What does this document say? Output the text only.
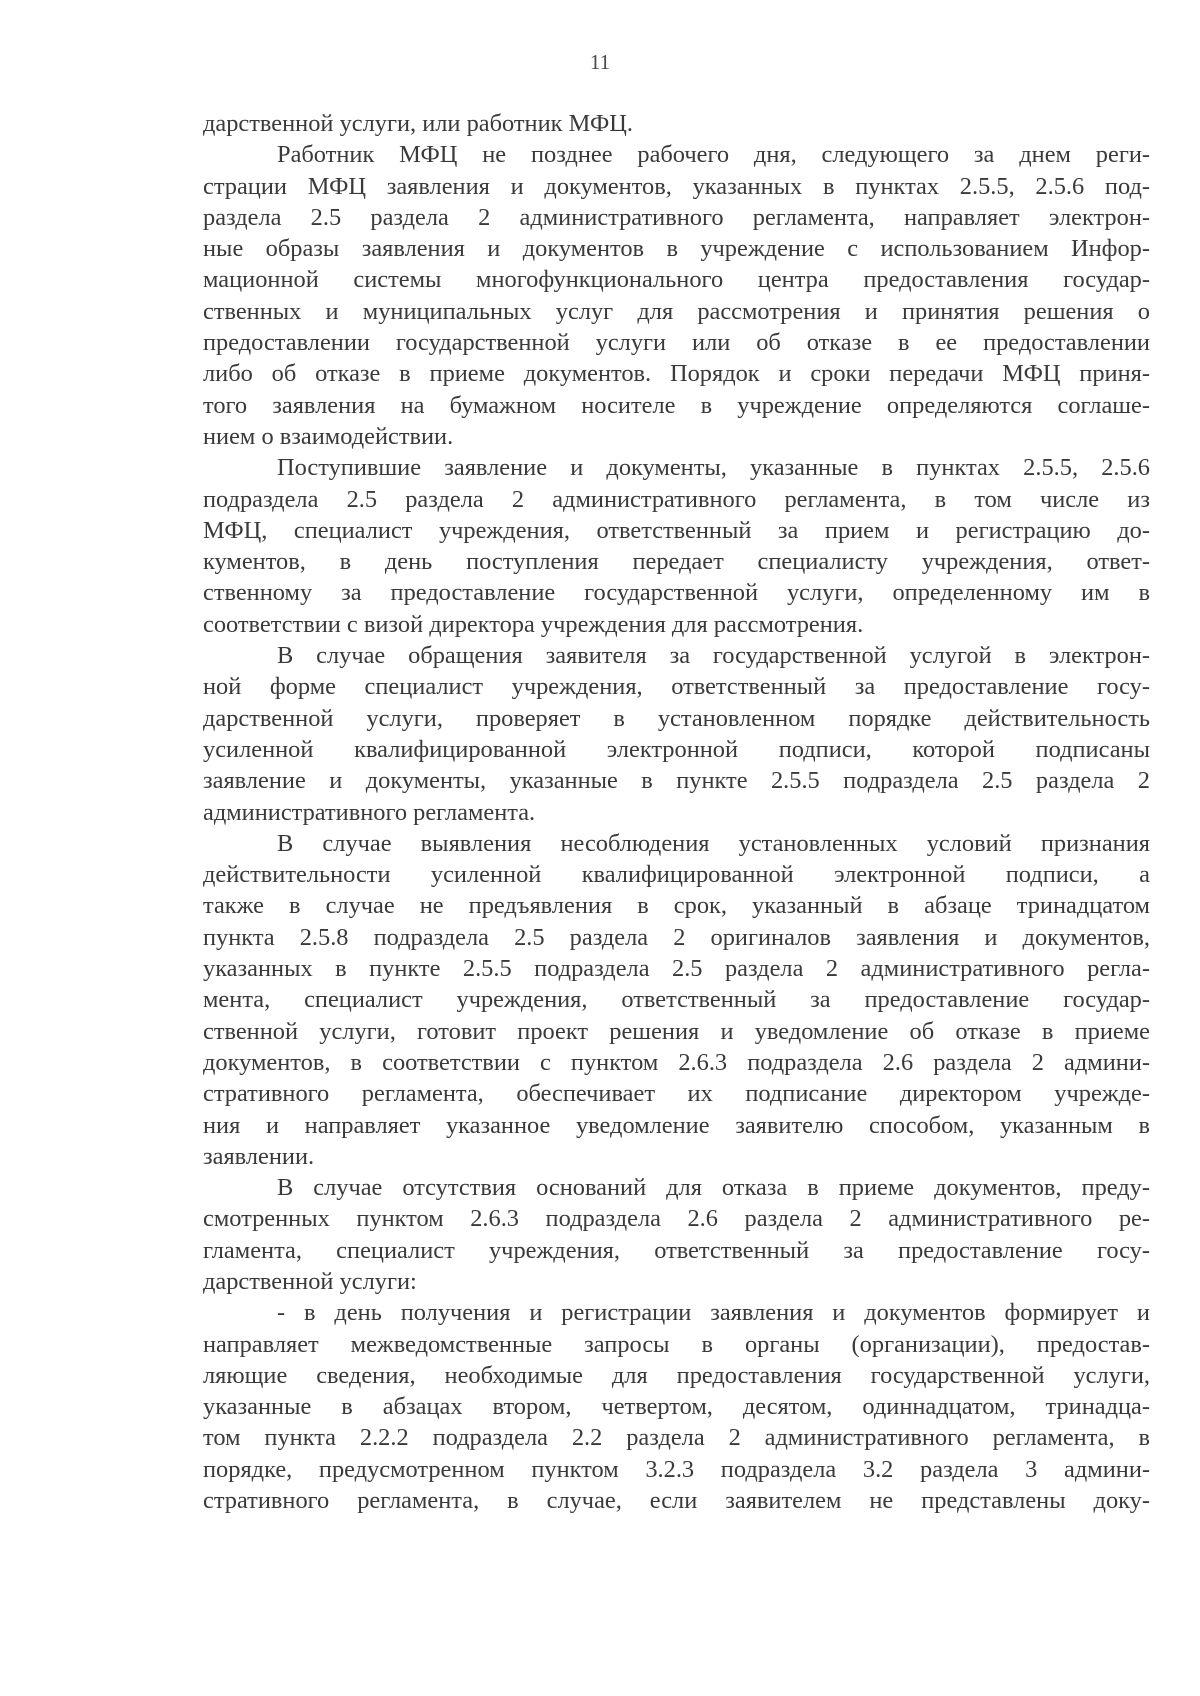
11
дарственной услуги, или работник МФЦ.
Работник МФЦ не позднее рабочего дня, следующего за днем реги-
страции МФЦ заявления и документов, указанных в пунктах 2.5.5, 2.5.6 под-
раздела 2.5 раздела 2 административного регламента, направляет электрон-
ные образы заявления и документов в учреждение с использованием Инфор-
мационной системы многофункционального центра предоставления государ-
ственных и муниципальных услуг для рассмотрения и принятия решения о
предоставлении государственной услуги или об отказе в ее предоставлении
либо об отказе в приеме документов. Порядок и сроки передачи МФЦ приня-
того заявления на бумажном носителе в учреждение определяются соглаше-
нием о взаимодействии.
Поступившие заявление и документы, указанные в пунктах 2.5.5, 2.5.6
подраздела 2.5 раздела 2 административного регламента, в том числе из
МФЦ, специалист учреждения, ответственный за прием и регистрацию до-
кументов, в день поступления передает специалисту учреждения, ответ-
ственному за предоставление государственной услуги, определенному им в
соответствии с визой директора учреждения для рассмотрения.
В случае обращения заявителя за государственной услугой в электрон-
ной форме специалист учреждения, ответственный за предоставление госу-
дарственной услуги, проверяет в установленном порядке действительность
усиленной квалифицированной электронной подписи, которой подписаны
заявление и документы, указанные в пункте 2.5.5 подраздела 2.5 раздела 2
административного регламента.
В случае выявления несоблюдения установленных условий признания
действительности усиленной квалифицированной электронной подписи, а
также в случае не предъявления в срок, указанный в абзаце тринадцатом
пункта 2.5.8 подраздела 2.5 раздела 2 оригиналов заявления и документов,
указанных в пункте 2.5.5 подраздела 2.5 раздела 2 административного регла-
мента, специалист учреждения, ответственный за предоставление государ-
ственной услуги, готовит проект решения и уведомление об отказе в приеме
документов, в соответствии с пунктом 2.6.3 подраздела 2.6 раздела 2 админи-
стративного регламента, обеспечивает их подписание директором учрежде-
ния и направляет указанное уведомление заявителю способом, указанным в
заявлении.
В случае отсутствия оснований для отказа в приеме документов, преду-
смотренных пунктом 2.6.3 подраздела 2.6 раздела 2 административного ре-
гламента, специалист учреждения, ответственный за предоставление госу-
дарственной услуги:
- в день получения и регистрации заявления и документов формирует и
направляет межведомственные запросы в органы (организации), предостав-
ляющие сведения, необходимые для предоставления государственной услуги,
указанные в абзацах втором, четвертом, десятом, одиннадцатом, тринадца-
том пункта 2.2.2 подраздела 2.2 раздела 2 административного регламента, в
порядке, предусмотренном пунктом 3.2.3 подраздела 3.2 раздела 3 админи-
стративного регламента, в случае, если заявителем не представлены доку-
